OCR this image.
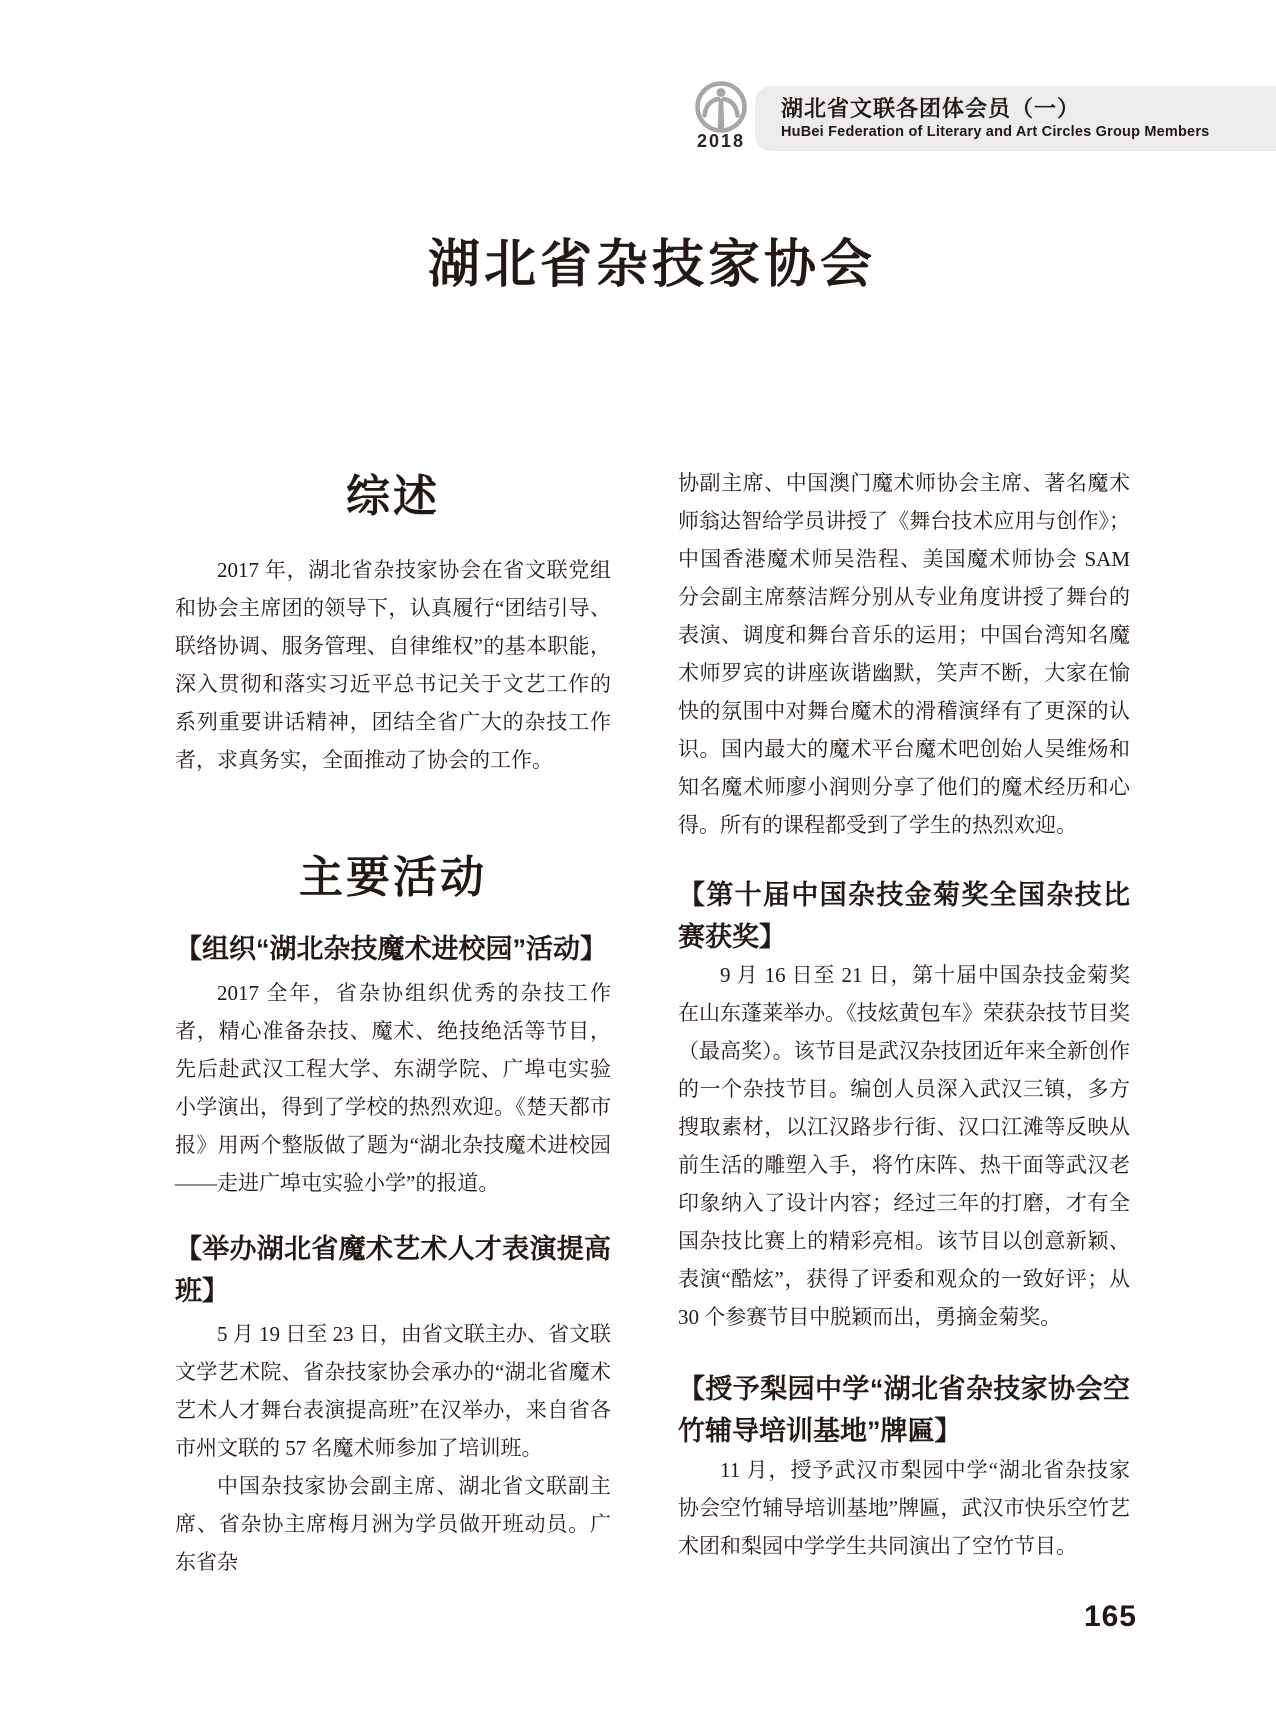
2018
湖北省文联各团体会员（一）
HuBei Federation of Literary and Art Circles Group Members
湖北省杂技家协会
综述

2017 年，湖北省杂技家协会在省文联党组和协会主席团的领导下，认真履行“团结引导、联络协调、服务管理、自律维权”的基本职能，深入贯彻和落实习近平总书记关于文艺工作的系列重要讲话精神，团结全省广大的杂技工作者，求真务实，全面推动了协会的工作。

主要活动
【组织“湖北杂技魔术进校园”活动】

2017 全年，省杂协组织优秀的杂技工作者，精心准备杂技、魔术、绝技绝活等节目，先后赴武汉工程大学、东湖学院、广埠屯实验小学演出，得到了学校的热烈欢迎。《楚天都市报》用两个整版做了题为“湖北杂技魔术进校园——走进广埠屯实验小学”的报道。

【举办湖北省魔术艺术人才表演提高班】

5 月 19 日至 23 日，由省文联主办、省文联文学艺术院、省杂技家协会承办的“湖北省魔术艺术人才舞台表演提高班”在汉举办，来自省各市州文联的 57 名魔术师参加了培训班。

中国杂技家协会副主席、湖北省文联副主席、省杂协主席梅月洲为学员做开班动员。广东省杂

协副主席、中国澳门魔术师协会主席、著名魔术师翁达智给学员讲授了《舞台技术应用与创作》；中国香港魔术师吴浩程、美国魔术师协会 SAM 分会副主席蔡洁辉分别从专业角度讲授了舞台的表演、调度和舞台音乐的运用；中国台湾知名魔术师罗宾的讲座诙谐幽默，笑声不断，大家在愉快的氛围中对舞台魔术的滑稽演绎有了更深的认识。国内最大的魔术平台魔术吧创始人吴维炀和知名魔术师廖小润则分享了他们的魔术经历和心得。所有的课程都受到了学生的热烈欢迎。

【第十届中国杂技金菊奖全国杂技比赛获奖】

9 月 16 日至 21 日，第十届中国杂技金菊奖在山东蓬莱举办。《技炫黄包车》荣获杂技节目奖（最高奖）。该节目是武汉杂技团近年来全新创作的一个杂技节目。编创人员深入武汉三镇，多方搜取素材，以江汉路步行街、汉口江滩等反映从前生活的雕塑入手，将竹床阵、热干面等武汉老印象纳入了设计内容；经过三年的打磨，才有全国杂技比赛上的精彩亮相。该节目以创意新颖、表演“酷炫”，获得了评委和观众的一致好评；从 30 个参赛节目中脱颖而出，勇摘金菊奖。

【授予梨园中学“湖北省杂技家协会空竹辅导培训基地”牌匾】

11 月，授予武汉市梨园中学“湖北省杂技家协会空竹辅导培训基地”牌匾，武汉市快乐空竹艺术团和梨园中学学生共同演出了空竹节目。

165
